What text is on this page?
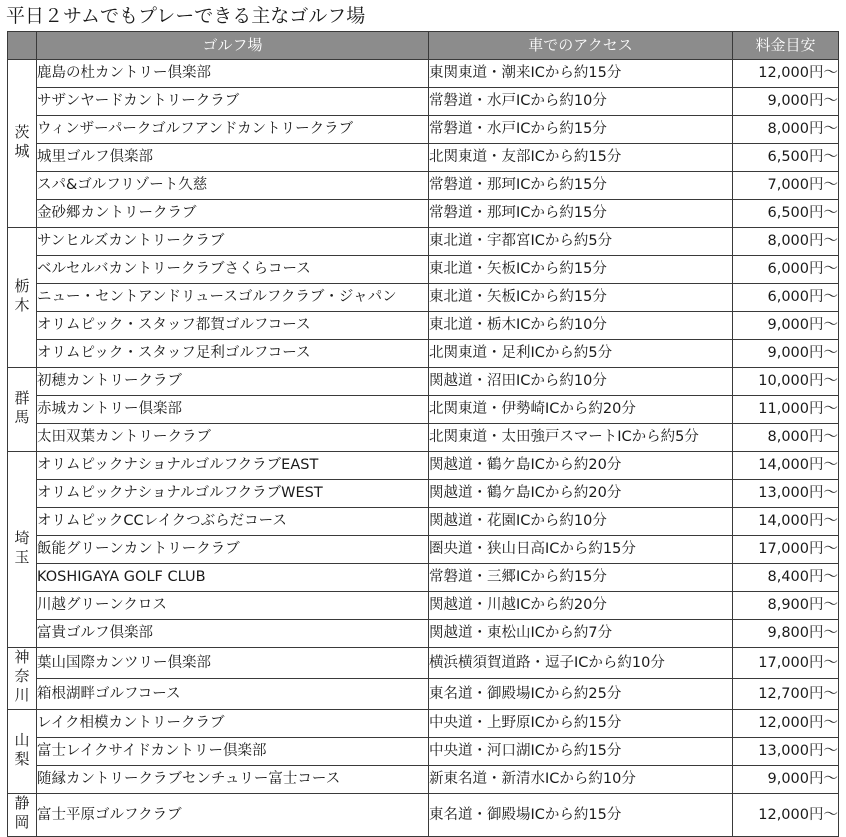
平日２サムでもプレーできる主なゴルフ場
	ゴルフ場	車でのアクセス	料金目安
茨城	鹿島の杜カントリー倶楽部	東関東道・潮来ICから約15分	12,000円〜
	サザンヤードカントリークラブ	常磐道・水戸ICから約10分	9,000円〜
	ウィンザーパークゴルフアンドカントリークラブ	常磐道・水戸ICから約15分	8,000円〜
	城里ゴルフ倶楽部	北関東道・友部ICから約15分	6,500円〜
	スパ&ゴルフリゾート久慈	常磐道・那珂ICから約15分	7,000円〜
	金砂郷カントリークラブ	常磐道・那珂ICから約15分	6,500円〜
栃木	サンヒルズカントリークラブ	東北道・宇都宮ICから約5分	8,000円〜
	ベルセルバカントリークラブさくらコース	東北道・矢板ICから約15分	6,000円〜
	ニュー・セントアンドリュースゴルフクラブ・ジャパン	東北道・矢板ICから約15分	6,000円〜
	オリムピック・スタッフ都賀ゴルフコース	東北道・栃木ICから約10分	9,000円〜
	オリムピック・スタッフ足利ゴルフコース	北関東道・足利ICから約5分	9,000円〜
群馬	初穂カントリークラブ	関越道・沼田ICから約10分	10,000円〜
	赤城カントリー倶楽部	北関東道・伊勢崎ICから約20分	11,000円〜
	太田双葉カントリークラブ	北関東道・太田強戸スマートICから約5分	8,000円〜
埼玉	オリムピックナショナルゴルフクラブEAST	関越道・鶴ケ島ICから約20分	14,000円〜
	オリムピックナショナルゴルフクラブWEST	関越道・鶴ケ島ICから約20分	13,000円〜
	オリムピックCCレイクつぶらだコース	関越道・花園ICから約10分	14,000円〜
	飯能グリーンカントリークラブ	圏央道・狭山日高ICから約15分	17,000円〜
	KOSHIGAYA GOLF CLUB	常磐道・三郷ICから約15分	8,400円〜
	川越グリーンクロス	関越道・川越ICから約20分	8,900円〜
	富貴ゴルフ倶楽部	関越道・東松山ICから約7分	9,800円〜
神奈川	葉山国際カンツリー倶楽部	横浜横須賀道路・逗子ICから約10分	17,000円〜
	箱根湖畔ゴルフコース	東名道・御殿場ICから約25分	12,700円〜
山梨	レイク相模カントリークラブ	中央道・上野原ICから約15分	12,000円〜
	富士レイクサイドカントリー倶楽部	中央道・河口湖ICから約15分	13,000円〜
	随縁カントリークラブセンチュリー富士コース	新東名道・新清水ICから約10分	9,000円〜
静岡	富士平原ゴルフクラブ	東名道・御殿場ICから約15分	12,000円〜
